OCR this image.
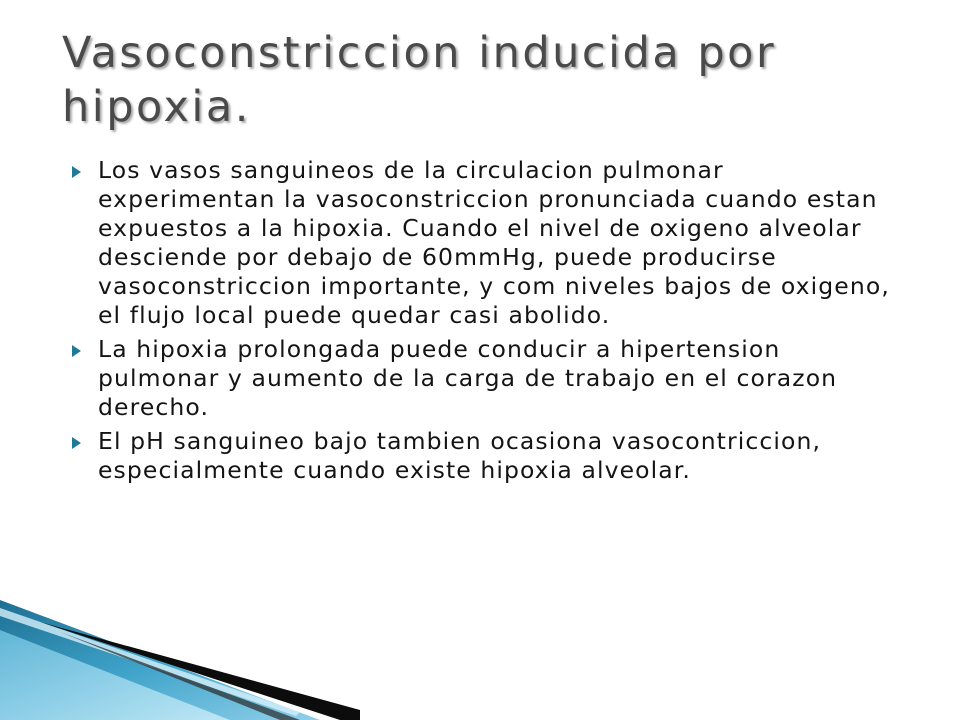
Vasoconstriccion inducida por hipoxia.
Los vasos sanguineos de la circulacion pulmonar experimentan la vasoconstriccion pronunciada cuando estan expuestos a la hipoxia. Cuando el nivel de oxigeno alveolar desciende por debajo de 60mmHg, puede producirse vasoconstriccion importante, y com niveles bajos de oxigeno, el flujo local puede quedar casi abolido.
La hipoxia prolongada puede conducir a hipertension pulmonar y aumento de la carga de trabajo en el corazon derecho.
El pH sanguineo bajo tambien ocasiona vasocontriccion, especialmente cuando existe hipoxia alveolar.
